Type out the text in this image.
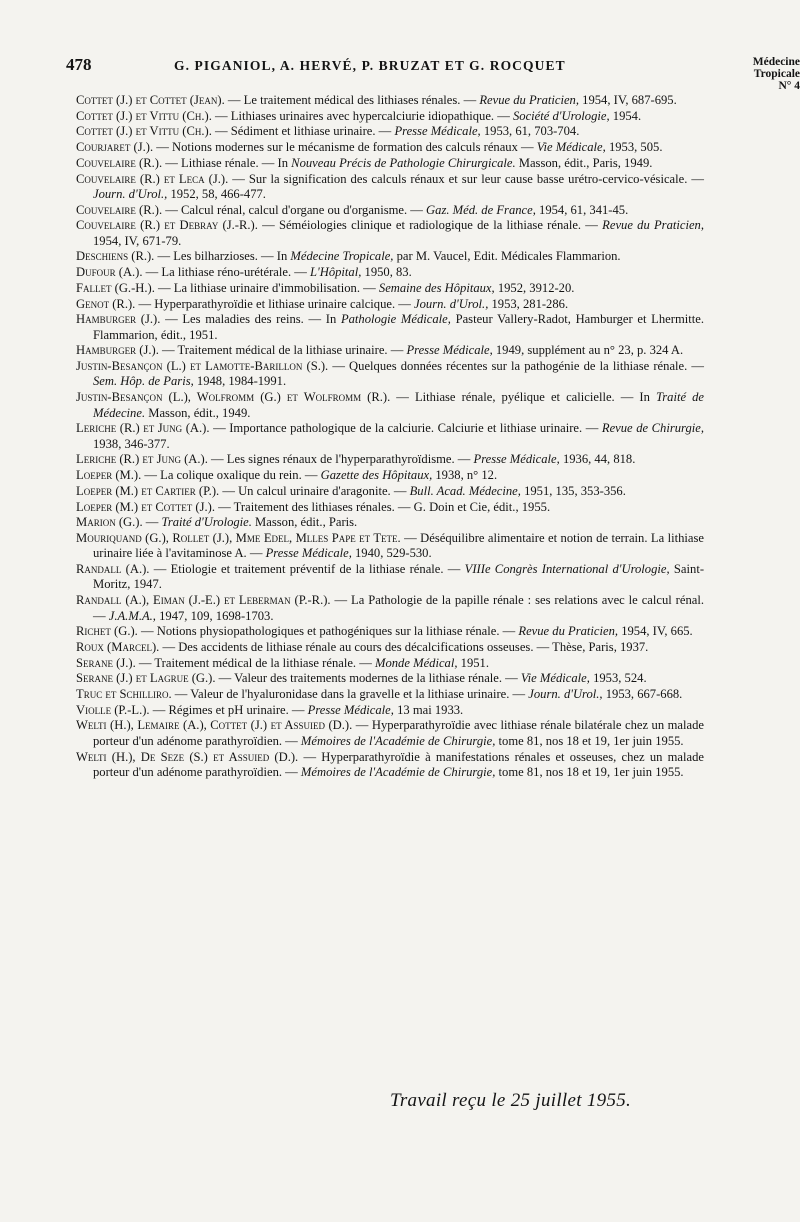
478	G. PIGANIOL, A. HERVÉ, P. BRUZAT ET G. ROCQUET	Médecine
Tropicale
N° 4

Cottet (J.) et Cottet (Jean). — Le traitement médical des lithiases rénales. — Revue du Praticien, 1954, IV, 687-695.

Cottet (J.) et Vittu (Ch.). — Lithiases urinaires avec hypercalciurie idiopathique. — Société d'Urologie, 1954.

Cottet (J.) et Vittu (Ch.). — Sédiment et lithiase urinaire. — Presse Médicale, 1953, 61, 703-704.

Courjaret (J.). — Notions modernes sur le mécanisme de formation des calculs rénaux — Vie Médicale, 1953, 505.

Couvelaire (R.). — Lithiase rénale. — In Nouveau Précis de Pathologie Chirurgicale. Masson, édit., Paris, 1949.

Couvelaire (R.) et Leca (J.). — Sur la signification des calculs rénaux et sur leur cause basse urétro-cervico-vésicale. — Journ. d'Urol., 1952, 58, 466-477.

Couvelaire (R.). — Calcul rénal, calcul d'organe ou d'organisme. — Gaz. Méd. de France, 1954, 61, 341-45.

Couvelaire (R.) et Debray (J.-R.). — Séméiologies clinique et radiologique de la lithiase rénale. — Revue du Praticien, 1954, IV, 671-79.

Deschiens (R.). — Les bilharzioses. — In Médecine Tropicale, par M. Vaucel, Edit. Médicales Flammarion.

Dufour (A.). — La lithiase réno-urétérale. — L'Hôpital, 1950, 83.

Fallet (G.-H.). — La lithiase urinaire d'immobilisation. — Semaine des Hôpitaux, 1952, 3912-20.

Genot (R.). — Hyperparathyroïdie et lithiase urinaire calcique. — Journ. d'Urol., 1953, 281-286.

Hamburger (J.). — Les maladies des reins. — In Pathologie Médicale, Pasteur Vallery-Radot, Hamburger et Lhermitte. Flammarion, édit., 1951.

Hamburger (J.). — Traitement médical de la lithiase urinaire. — Presse Médicale, 1949, supplément au n° 23, p. 324 A.

Justin-Besançon (L.) et Lamotte-Barillon (S.). — Quelques données récentes sur la pathogénie de la lithiase rénale. — Sem. Hôp. de Paris, 1948, 1984-1991.

Justin-Besançon (L.), Wolfromm (G.) et Wolfromm (R.). — Lithiase rénale, pyélique et calicielle. — In Traité de Médecine. Masson, édit., 1949.

Leriche (R.) et Jung (A.). — Importance pathologique de la calciurie. Calciurie et lithiase urinaire. — Revue de Chirurgie, 1938, 346-377.

Leriche (R.) et Jung (A.). — Les signes rénaux de l'hyperparathyroïdisme. — Presse Médicale, 1936, 44, 818.

Loeper (M.). — La colique oxalique du rein. — Gazette des Hôpitaux, 1938, n° 12.

Loeper (M.) et Cartier (P.). — Un calcul urinaire d'aragonite. — Bull. Acad. Médecine, 1951, 135, 353-356.

Loeper (M.) et Cottet (J.). — Traitement des lithiases rénales. — G. Doin et Cie, édit., 1955.

Marion (G.). — Traité d'Urologie. Masson, édit., Paris.

Mouriquand (G.), Rollet (J.), Mme Edel, Mlles Pape et Tete. — Déséquilibre alimentaire et notion de terrain. La lithiase urinaire liée à l'avitaminose A. — Presse Médicale, 1940, 529-530.

Randall (A.). — Etiologie et traitement préventif de la lithiase rénale. — VIIIe Congrès International d'Urologie, Saint-Moritz, 1947.

Randall (A.), Eiman (J.-E.) et Leberman (P.-R.). — La Pathologie de la papille rénale : ses relations avec le calcul rénal. — J.A.M.A., 1947, 109, 1698-1703.

Richet (G.). — Notions physiopathologiques et pathogéniques sur la lithiase rénale. — Revue du Praticien, 1954, IV, 665.

Roux (Marcel). — Des accidents de lithiase rénale au cours des décalcifications osseuses. — Thèse, Paris, 1937.

Serane (J.). — Traitement médical de la lithiase rénale. — Monde Médical, 1951.

Serane (J.) et Lagrue (G.). — Valeur des traitements modernes de la lithiase rénale. — Vie Médicale, 1953, 524.

Truc et Schilliro. — Valeur de l'hyaluronidase dans la gravelle et la lithiase urinaire. — Journ. d'Urol., 1953, 667-668.

Violle (P.-L.). — Régimes et pH urinaire. — Presse Médicale, 13 mai 1933.

Welti (H.), Lemaire (A.), Cottet (J.) et Assuied (D.). — Hyperparathyroïdie avec lithiase rénale bilatérale chez un malade porteur d'un adénome parathyroïdien. — Mémoires de l'Académie de Chirurgie, tome 81, nos 18 et 19, 1er juin 1955.

Welti (H.), De Seze (S.) et Assuied (D.). — Hyperparathyroïdie à manifestations rénales et osseuses, chez un malade porteur d'un adénome parathyroïdien. — Mémoires de l'Académie de Chirurgie, tome 81, nos 18 et 19, 1er juin 1955.

Travail reçu le 25 juillet 1955.
